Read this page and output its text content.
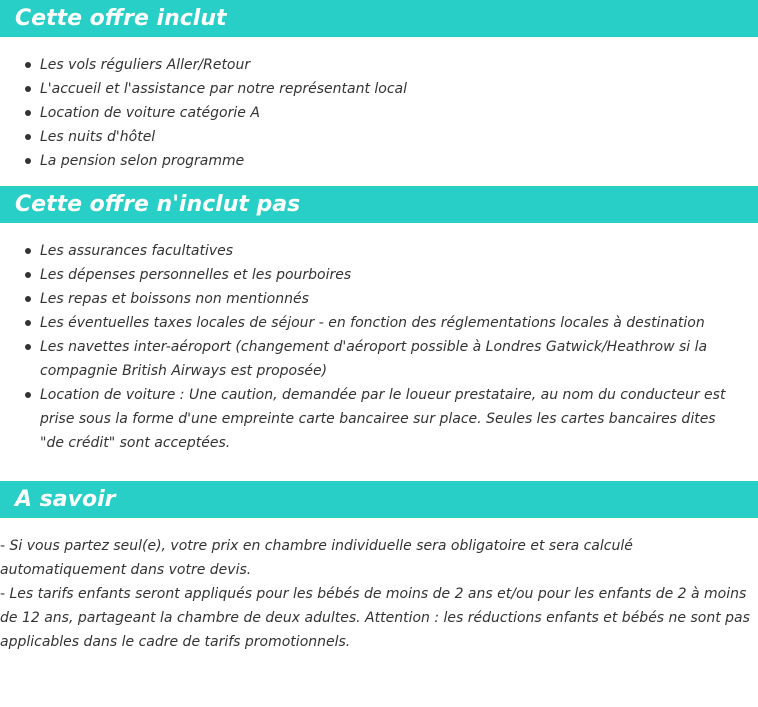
Cette offre inclut
Les vols réguliers Aller/Retour
L'accueil et l'assistance par notre représentant local
Location de voiture catégorie A
Les nuits d'hôtel
La pension selon programme
Cette offre n'inclut pas
Les assurances facultatives
Les dépenses personnelles et les pourboires
Les repas et boissons non mentionnés
Les éventuelles taxes locales de séjour - en fonction des réglementations locales à destination
Les navettes inter-aéroport (changement d'aéroport possible à Londres Gatwick/Heathrow si la compagnie British Airways est proposée)
Location de voiture : Une caution, demandée par le loueur prestataire, au nom du conducteur est prise sous la forme d'une empreinte carte bancairee sur place. Seules les cartes bancaires dites "de crédit" sont acceptées.
A savoir

- Si vous partez seul(e), votre prix en chambre individuelle sera obligatoire et sera calculé automatiquement dans votre devis.

- Les tarifs enfants seront appliqués pour les bébés de moins de 2 ans et/ou pour les enfants de 2 à moins de 12 ans, partageant la chambre de deux adultes. Attention : les réductions enfants et bébés ne sont pas applicables dans le cadre de tarifs promotionnels.
